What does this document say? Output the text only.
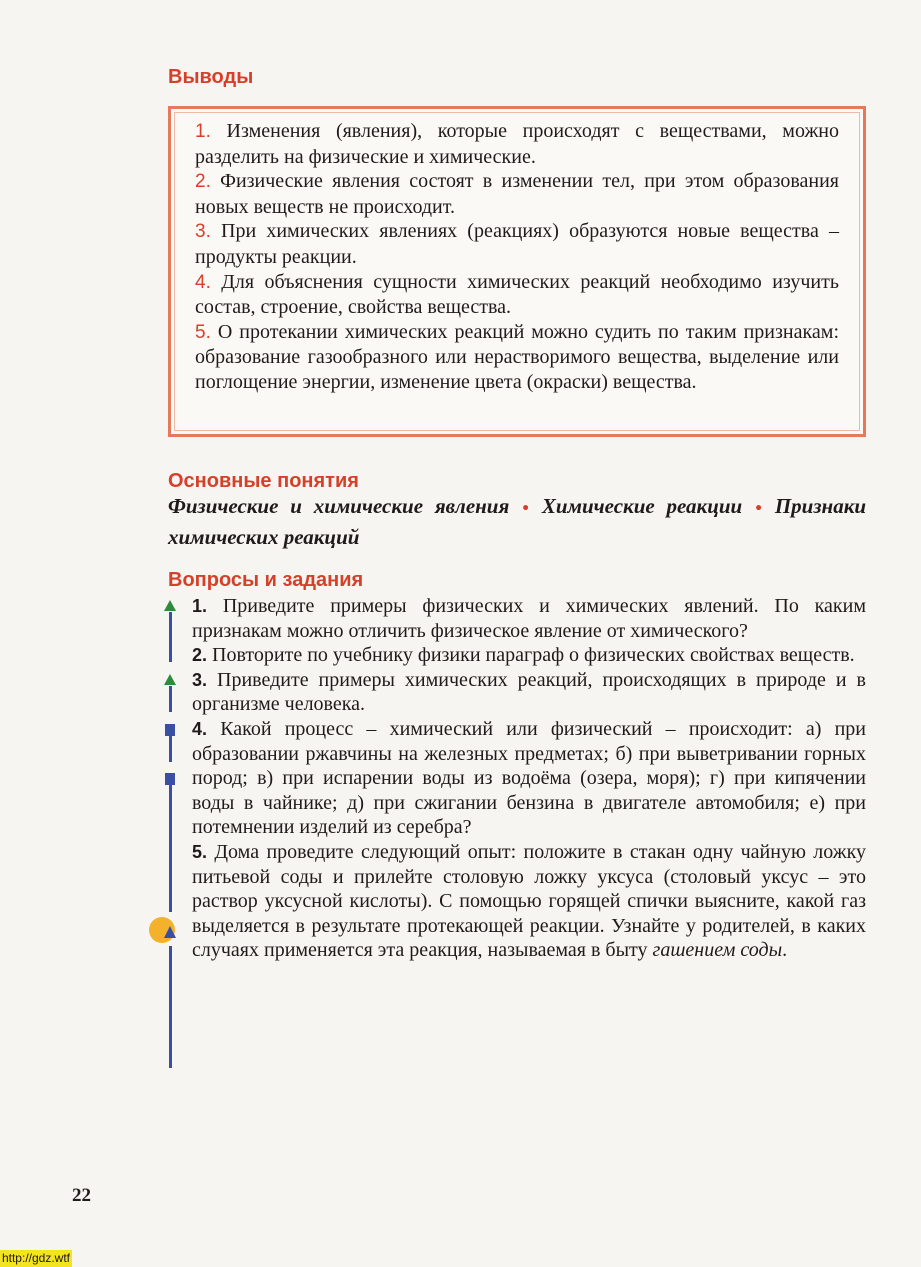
Выводы

1. Изменения (явления), которые происходят с веществами, можно разделить на физические и химические.

2. Физические явления состоят в изменении тел, при этом образования новых веществ не происходит.

3. При химических явлениях (реакциях) образуются новые вещества – продукты реакции.

4. Для объяснения сущности химических реакций необходимо изучить состав, строение, свойства вещества.

5. О протекании химических реакций можно судить по таким признакам: образование газообразного или нерастворимого вещества, выделение или поглощение энергии, изменение цвета (окраски) вещества.

Основные понятия
Физические и химические явления • Химические реакции • Признаки химических реакций
Вопросы и задания

1. Приведите примеры физических и химических явлений. По каким признакам можно отличить физическое явление от химического?

2. Повторите по учебнику физики параграф о физических свойствах веществ.

3. Приведите примеры химических реакций, происходящих в природе и в организме человека.

4. Какой процесс – химический или физический – происходит: а) при образовании ржавчины на железных предметах; б) при выветривании горных пород; в) при испарении воды из водоёма (озера, моря); г) при кипячении воды в чайнике; д) при сжигании бензина в двигателе автомобиля; е) при потемнении изделий из серебра?

5. Дома проведите следующий опыт: положите в стакан одну чайную ложку питьевой соды и прилейте столовую ложку уксуса (столовый уксус – это раствор уксусной кислоты). С помощью горящей спички выясните, какой газ выделяется в результате протекающей реакции. Узнайте у родителей, в каких случаях применяется эта реакция, называемая в быту гашением соды.

22
http://gdz.wtf
